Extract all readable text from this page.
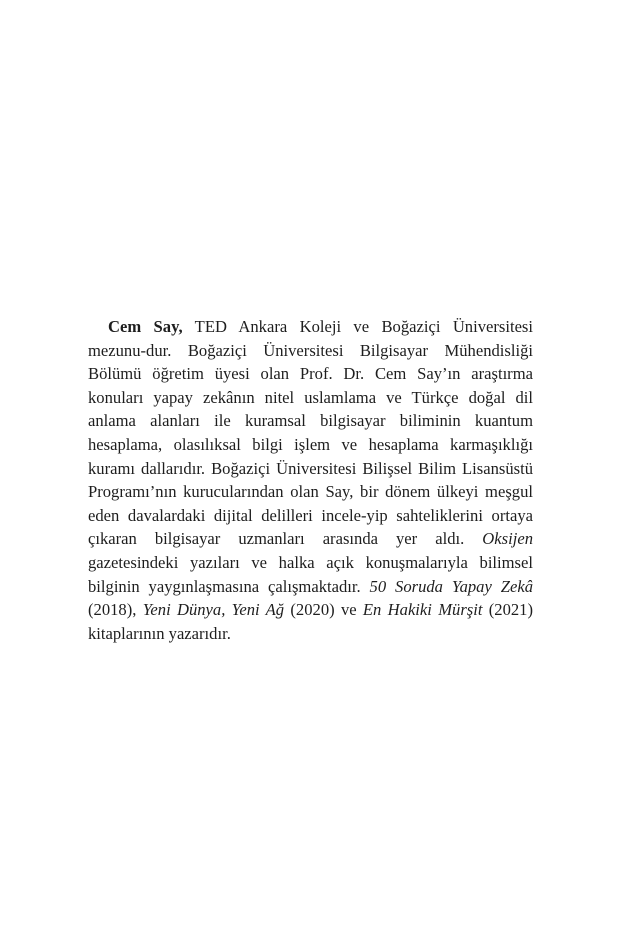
Cem Say, TED Ankara Koleji ve Boğaziçi Üniversitesi mezunu-dur. Boğaziçi Üniversitesi Bilgisayar Mühendisliği Bölümü öğretim üyesi olan Prof. Dr. Cem Say’ın araştırma konuları yapay zekânın nitel uslamlama ve Türkçe doğal dil anlama alanları ile kuramsal bilgisayar biliminin kuantum hesaplama, olasılıksal bilgi işlem ve hesaplama karmaşıklığı kuramı dallarıdır. Boğaziçi Üniversitesi Bilişsel Bilim Lisansüstü Programı’nın kurucularından olan Say, bir dönem ülkeyi meşgul eden davalardaki dijital delilleri incele-yip sahteliklerini ortaya çıkaran bilgisayar uzmanları arasında yer aldı. Oksijen gazetesindeki yazıları ve halka açık konuşmalarıyla bilimsel bilginin yaygınlaşmasına çalışmaktadır. 50 Soruda Yapay Zekâ (2018), Yeni Dünya, Yeni Ağ (2020) ve En Hakiki Mürşit (2021) kitaplarının yazarıdır.
